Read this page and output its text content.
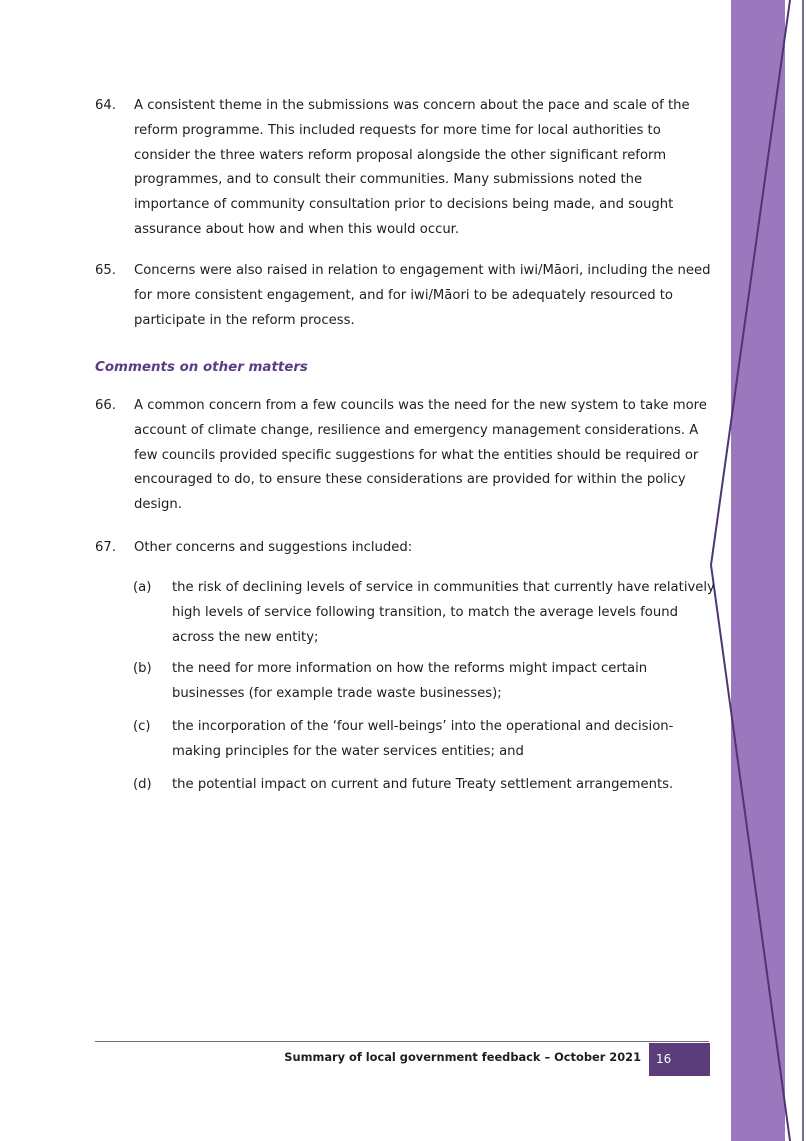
64. A consistent theme in the submissions was concern about the pace and scale of the reform programme. This included requests for more time for local authorities to consider the three waters reform proposal alongside the other significant reform programmes, and to consult their communities. Many submissions noted the importance of community consultation prior to decisions being made, and sought assurance about how and when this would occur.
65. Concerns were also raised in relation to engagement with iwi/Māori, including the need for more consistent engagement, and for iwi/Māori to be adequately resourced to participate in the reform process.
Comments on other matters
66. A common concern from a few councils was the need for the new system to take more account of climate change, resilience and emergency management considerations. A few councils provided specific suggestions for what the entities should be required or encouraged to do, to ensure these considerations are provided for within the policy design.
67. Other concerns and suggestions included:
(a) the risk of declining levels of service in communities that currently have relatively high levels of service following transition, to match the average levels found across the new entity;
(b) the need for more information on how the reforms might impact certain businesses (for example trade waste businesses);
(c) the incorporation of the ‘four well-beings’ into the operational and decision-making principles for the water services entities; and
(d) the potential impact on current and future Treaty settlement arrangements.
Summary of local government feedback – October 2021	16
